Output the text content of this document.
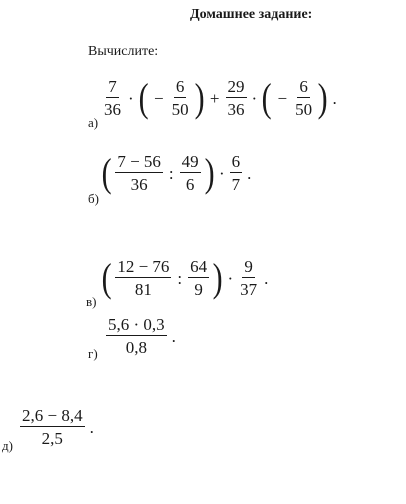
Домашнее задание:
Вычислите:
а)
$\frac{7}{36}$ · ( − $\frac{6}{50}$ ) + $\frac{29}{36}$ · ( − $\frac{6}{50}$ ) .
б)
( $\frac{7 - 56}{36}$ : $\frac{49}{6}$ ) · $\frac{6}{7}$ .
в)
( $\frac{12 - 76}{81}$ : $\frac{64}{9}$ ) · $\frac{9}{37}$ .
$г) \frac{5,6 \cdot 0,3}{0,8}$ .
$д) \frac{2,6 - 8,4}{2,5}$ .
